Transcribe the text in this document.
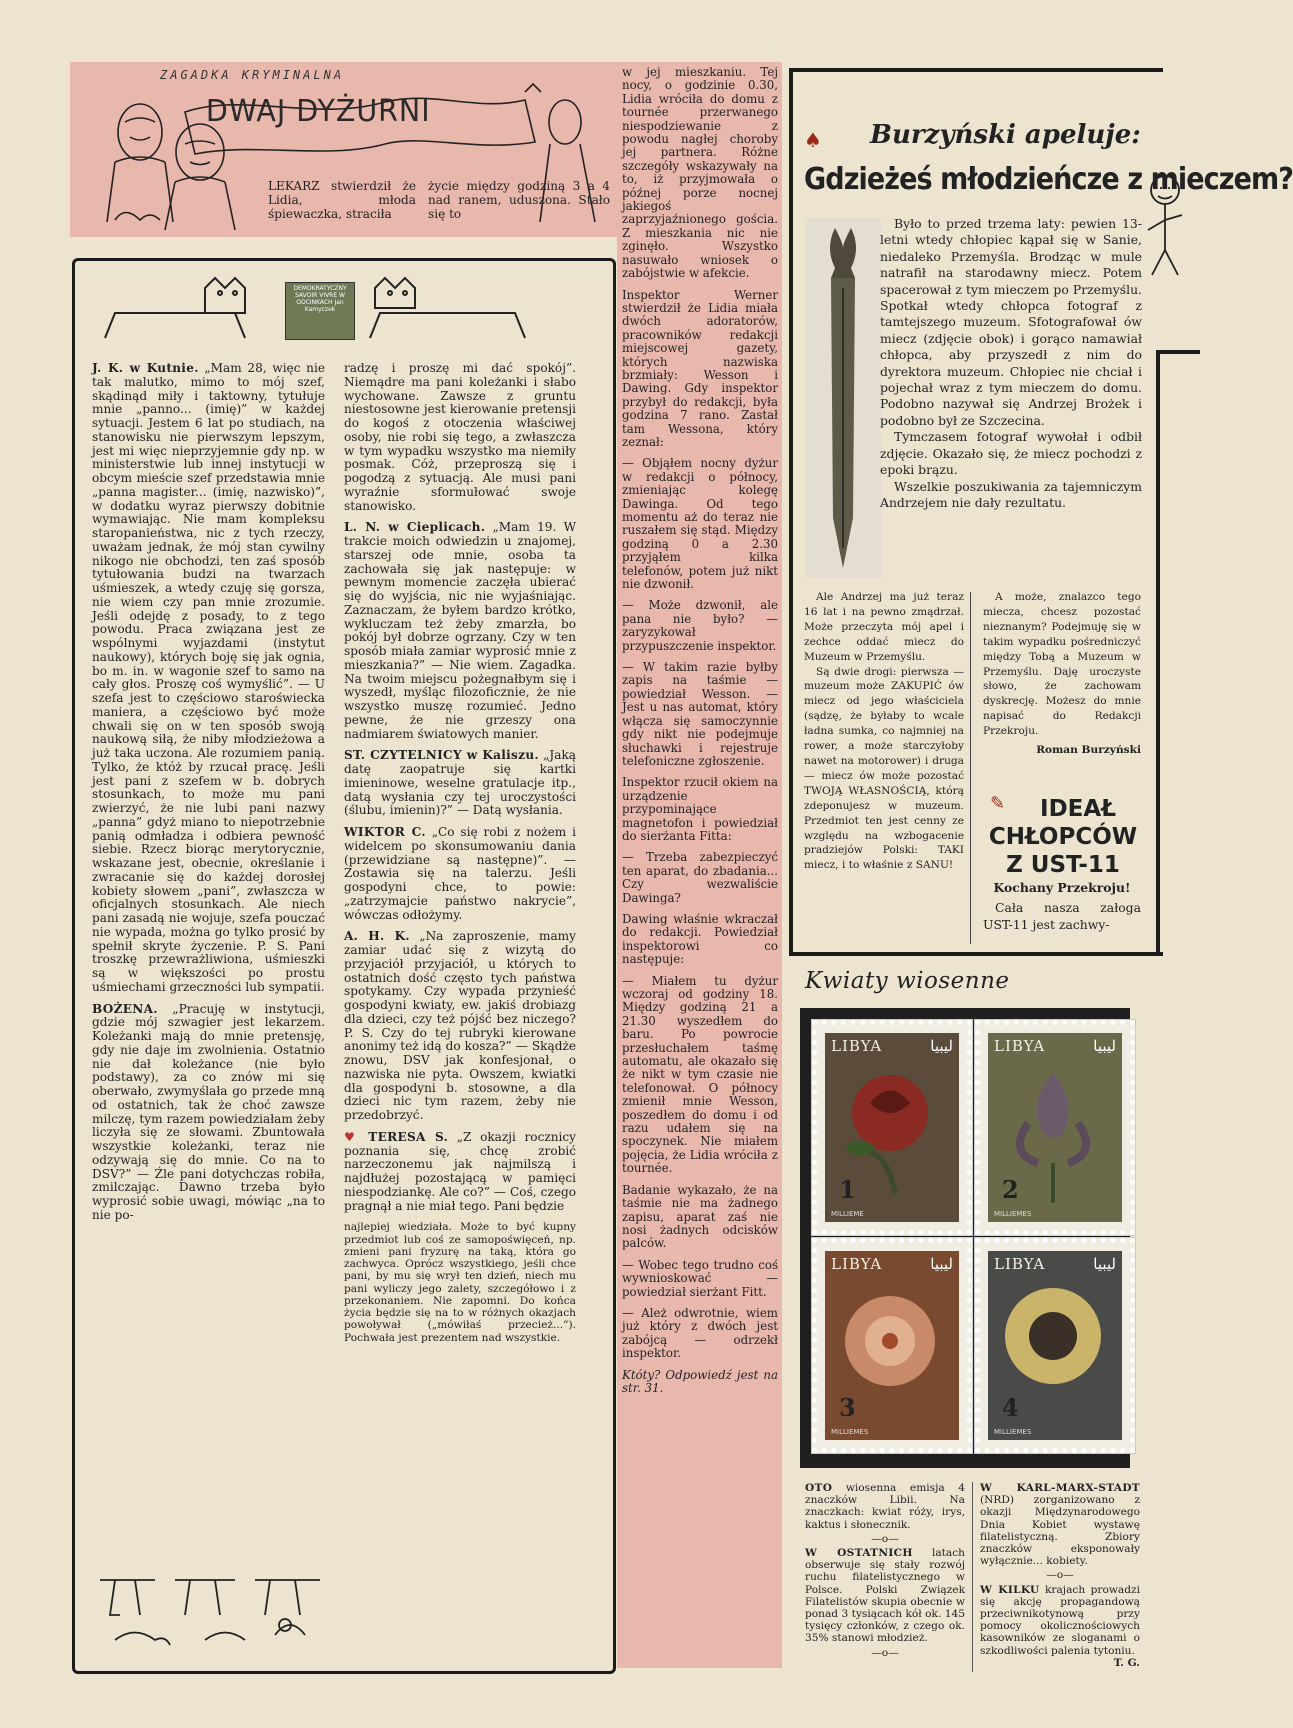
ZAGADKA KRYMINALNA
DWAJ DYŻURNI
LEKARZ stwierdził że Lidia, młoda śpiewaczka, straciła
życie między godziną 3 a 4 nad ranem, uduszona. Stało się to

w jej mieszkaniu. Tej nocy, o godzinie 0.30, Lidia wróciła do domu z tournée przerwanego niespodziewanie z powodu nagłej choroby jej partnera. Różne szczegóły wskazywały na to, iż przyjmowała o późnej porze nocnej jakiegoś zaprzyjaźnionego gościa. Z mieszkania nic nie zginęło. Wszystko nasuwało wniosek o zabójstwie w afekcie.

Inspektor Werner stwierdził że Lidia miała dwóch adoratorów, pracowników redakcji miejscowej gazety, których nazwiska brzmiały: Wesson i Dawing. Gdy inspektor przybył do redakcji, była godzina 7 rano. Zastał tam Wessona, który zeznał:

— Objąłem nocny dyżur w redakcji o północy, zmieniając kolegę Dawinga. Od tego momentu aż do teraz nie ruszałem się stąd. Między godziną 0 a 2.30 przyjąłem kilka telefonów, potem już nikt nie dzwonił.

— Może dzwonił, ale pana nie było? — zaryzykował przypuszczenie inspektor.

— W takim razie byłby zapis na taśmie — powiedział Wesson. — Jest u nas automat, który włącza się samoczynnie gdy nikt nie podejmuje słuchawki i rejestruje telefoniczne zgłoszenie.

Inspektor rzucił okiem na urządzenie przypominające magnetofon i powiedział do sierżanta Fitta:

— Trzeba zabezpieczyć ten aparat, do zbadania... Czy wezwaliście Dawinga?

Dawing właśnie wkraczał do redakcji. Powiedział inspektorowi co następuje:

— Miałem tu dyżur wczoraj od godziny 18. Między godziną 21 a 21.30 wyszedłem do baru. Po powrocie przesłuchałem taśmę automatu, ale okazało się że nikt w tym czasie nie telefonował. O północy zmienił mnie Wesson, poszedłem do domu i od razu udałem się na spoczynek. Nie miałem pojęcia, że Lidia wróciła z tournée.

Badanie wykazało, że na taśmie nie ma żadnego zapisu, aparat zaś nie nosi żadnych odcisków palców.

— Wobec tego trudno coś wywnioskować — powiedział sierżant Fitt.

— Ależ odwrotnie, wiem już który z dwóch jest zabójcą — odrzekł inspektor.

Któty? Odpowiedź jest na str. 31.

DEMOKRATYCZNY SAVOIR VIVRE W ODCINKACH Jan Kamyczek

J. K. w Kutnie. „Mam 28, więc nie tak malutko, mimo to mój szef, skądinąd miły i taktowny, tytułuje mnie „panno... (imię)” w każdej sytuacji. Jestem 6 lat po studiach, na stanowisku nie pierwszym lepszym, jest mi więc nieprzyjemnie gdy np. w ministerstwie lub innej instytucji w obcym mieście szef przedstawia mnie „panna magister... (imię, nazwisko)”, w dodatku wyraz pierwszy dobitnie wymawiając. Nie mam kompleksu staropanieństwa, nic z tych rzeczy, uważam jednak, że mój stan cywilny nikogo nie obchodzi, ten zaś sposób tytułowania budzi na twarzach uśmieszek, a wtedy czuję się gorsza, nie wiem czy pan mnie zrozumie. Jeśli odejdę z posady, to z tego powodu. Praca związana jest ze wspólnymi wyjazdami (instytut naukowy), których boję się jak ognia, bo m. in. w wagonie szef to samo na cały głos. Proszę coś wymyślić”. — U szefa jest to częściowo staroświecka maniera, a częściowo być może chwali się on w ten sposób swoją naukową siłą, że niby młodzieżowa a już taka uczona. Ale rozumiem panią. Tylko, że któż by rzucał pracę. Jeśli jest pani z szefem w b. dobrych stosunkach, to może mu pani zwierzyć, że nie lubi pani nazwy „panna” gdyż miano to niepotrzebnie panią odmładza i odbiera pewność siebie. Rzecz biorąc merytorycznie, wskazane jest, obecnie, określanie i zwracanie się do każdej dorosłej kobiety słowem „pani”, zwłaszcza w oficjalnych stosunkach. Ale niech pani zasadą nie wojuje, szefa pouczać nie wypada, można go tylko prosić by spełnił skryte życzenie. P. S. Pani troszkę przewrażliwiona, uśmieszki są w większości po prostu uśmiechami grzeczności lub sympatii.

BOŻENA. „Pracuję w instytucji, gdzie mój szwagier jest lekarzem. Koleżanki mają do mnie pretensję, gdy nie daje im zwolnienia. Ostatnio nie dał koleżance (nie było podstawy), za co znów mi się oberwało, zwymyślała go przede mną od ostatnich, tak że choć zawsze milczę, tym razem powiedziałam żeby liczyła się ze słowami. Zbuntowała wszystkie koleżanki, teraz nie odzywają się do mnie. Co na to DSV?” — Źle pani dotychczas robiła, zmilczając. Dawno trzeba było wyprosić sobie uwagi, mówiąc „na to nie po-

radzę i proszę mi dać spokój”. Niemądre ma pani koleżanki i słabo wychowane. Zawsze z gruntu niestosowne jest kierowanie pretensji do kogoś z otoczenia właściwej osoby, nie robi się tego, a zwłaszcza w tym wypadku wszystko ma niemiły posmak. Cóż, przeproszą się i pogodzą z sytuacją. Ale musi pani wyraźnie sformułować swoje stanowisko.

L. N. w Cieplicach. „Mam 19. W trakcie moich odwiedzin u znajomej, starszej ode mnie, osoba ta zachowała się jak następuje: w pewnym momencie zaczęła ubierać się do wyjścia, nic nie wyjaśniając. Zaznaczam, że byłem bardzo krótko, wykluczam też żeby zmarzła, bo pokój był dobrze ogrzany. Czy w ten sposób miała zamiar wyprosić mnie z mieszkania?” — Nie wiem. Zagadka. Na twoim miejscu pożegnałbym się i wyszedł, myśląc filozoficznie, że nie wszystko muszę rozumieć. Jedno pewne, że nie grzeszy ona nadmiarem światowych manier.

ST. CZYTELNICY w Kaliszu. „Jaką datę zaopatruje się kartki imieninowe, weselne gratulacje itp., datą wysłania czy tej uroczystości (ślubu, imienin)?” — Datą wysłania.

WIKTOR C. „Co się robi z nożem i widelcem po skonsumowaniu dania (przewidziane są następne)”. — Zostawia się na talerzu. Jeśli gospodyni chce, to powie: „zatrzymajcie państwo nakrycie”, wówczas odłożymy.

A. H. K. „Na zaproszenie, mamy zamiar udać się z wizytą do przyjaciół przyjaciół, u których to ostatnich dość często tych państwa spotykamy. Czy wypada przynieść gospodyni kwiaty, ew. jakiś drobiazg dla dzieci, czy też pójść bez niczego? P. S. Czy do tej rubryki kierowane anonimy też idą do kosza?” — Skądże znowu, DSV jak konfesjonał, o nazwiska nie pyta. Owszem, kwiatki dla gospodyni b. stosowne, a dla dzieci nic tym razem, żeby nie przedobrzyć.

♥ TERESA S. „Z okazji rocznicy poznania się, chcę zrobić narzeczonemu jak najmilszą i najdłużej pozostającą w pamięci niespodziankę. Ale co?” — Coś, czego pragnął a nie miał tego. Pani będzie

najlepiej wiedziała. Może to być kupny przedmiot lub coś ze samopoświęceń, np. zmieni pani fryzurę na taką, która go zachwyca. Oprócz wszystkiego, jeśli chce pani, by mu się wrył ten dzień, niech mu pani wyliczy jego zalety, szczegółowo i z przekonaniem. Nie zapomni. Do końca życia będzie się na to w różnych okazjach powoływał („mówiłaś przecież...”). Pochwała jest prezentem nad wszystkie.

♠ Burzyński apeluje:
Gdzieżeś młodzieńcze z mieczem?

Było to przed trzema laty: pewien 13-letni wtedy chłopiec kąpał się w Sanie, niedaleko Przemyśla. Brodząc w mule natrafił na starodawny miecz. Potem spacerował z tym mieczem po Przemyślu. Spotkał wtedy chłopca fotograf z tamtejszego muzeum. Sfotografował ów miecz (zdjęcie obok) i gorąco namawiał chłopca, aby przyszedł z nim do dyrektora muzeum. Chłopiec nie chciał i pojechał wraz z tym mieczem do domu. Podobno nazywał się Andrzej Brożek i podobno był ze Szczecina.

Tymczasem fotograf wywołał i odbił zdjęcie. Okazało się, że miecz pochodzi z epoki brązu.

Wszelkie poszukiwania za tajemniczym Andrzejem nie dały rezultatu.

Ale Andrzej ma już teraz 16 lat i na pewno zmądrzał. Może przeczyta mój apel i zechce oddać miecz do Muzeum w Przemyślu.

Są dwie drogi: pierwsza — muzeum może ZAKUPIĆ ów miecz od jego właściciela (sądzę, że byłaby to wcale ładna sumka, co najmniej na rower, a może starczyłoby nawet na motorower) i druga — miecz ów może pozostać TWOJĄ WŁASNOŚCIĄ, którą zdeponujesz w muzeum. Przedmiot ten jest cenny ze względu na wzbogacenie pradziejów Polski: TAKI miecz, i to właśnie z SANU!

A może, znalazco tego miecza, chcesz pozostać nieznanym? Podejmuję się w takim wypadku pośredniczyć między Tobą a Muzeum w Przemyślu. Daję uroczyste słowo, że zachowam dyskrecję. Możesz do mnie napisać do Redakcji Przekroju.

Roman Burzyński

✎	IDEAŁ
CHŁOPCÓW
Z UST-11

Kochany Przekroju!

Cała nasza załoga UST-11 jest zachwy-

Kwiaty wiosenne
LIBYA	ليبيا
1
MILLIEME
LIBYA	ليبيا
2
MILLIEMES
LIBYA	ليبيا
3
MILLIEMES
LIBYA	ليبيا
4
MILLIEMES

OTO wiosenna emisja 4 znaczków Libii. Na znaczkach: kwiat róży, irys, kaktus i słonecznik.

—o—

W OSTATNICH latach obserwuje się stały rozwój ruchu filatelistycznego w Polsce. Polski Związek Filatelistów skupia obecnie w ponad 3 tysiącach kół ok. 145 tysięcy członków, z czego ok. 35% stanowi młodzież.

—o—

W KARL-MARX-STADT (NRD) zorganizowano z okazji Międzynarodowego Dnia Kobiet wystawę filatelistyczną. Zbiory znaczków eksponowały wyłącznie... kobiety.

—o—

W KILKU krajach prowadzi się akcję propagandową przeciwnikotynową przy pomocy okolicznościowych kasowników ze sloganami o szkodliwości palenia tytoniu.

T. G.
